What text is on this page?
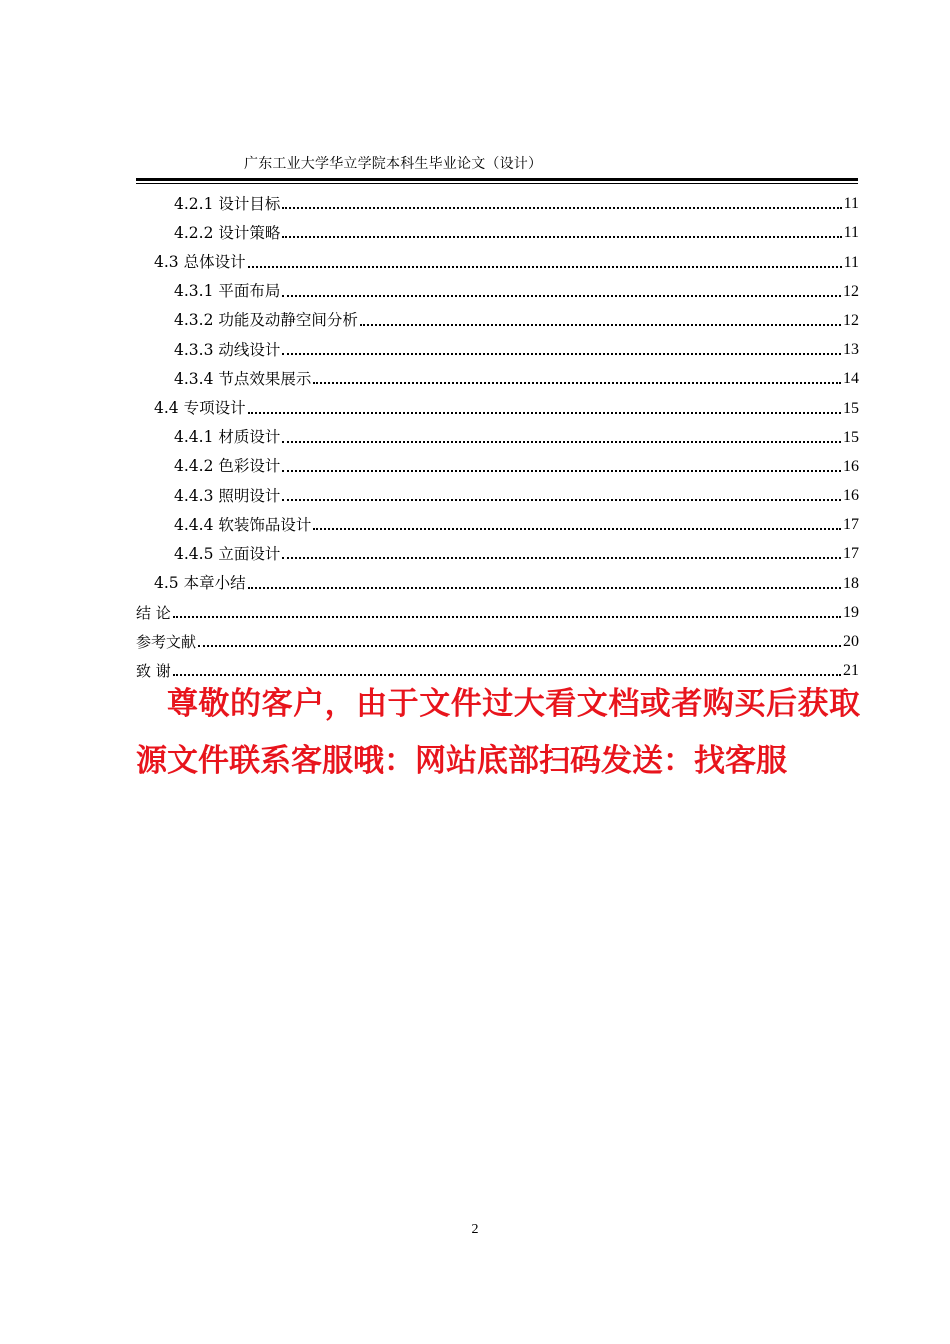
广东工业大学华立学院本科生毕业论文（设计）
4.2.1 设计目标	11
4.2.2 设计策略	11
4.3 总体设计	11
4.3.1 平面布局	12
4.3.2 功能及动静空间分析	12
4.3.3 动线设计	13
4.3.4 节点效果展示	14
4.4 专项设计	15
4.4.1 材质设计	15
4.4.2 色彩设计	16
4.4.3 照明设计	16
4.4.4 软装饰品设计	17
4.4.5 立面设计	17
4.5 本章小结	18
结 论	19
参考文献	20
致 谢	21

尊敬的客户，由于文件过大看文档或者购买后获取源文件联系客服哦：网站底部扫码发送：找客服

2
